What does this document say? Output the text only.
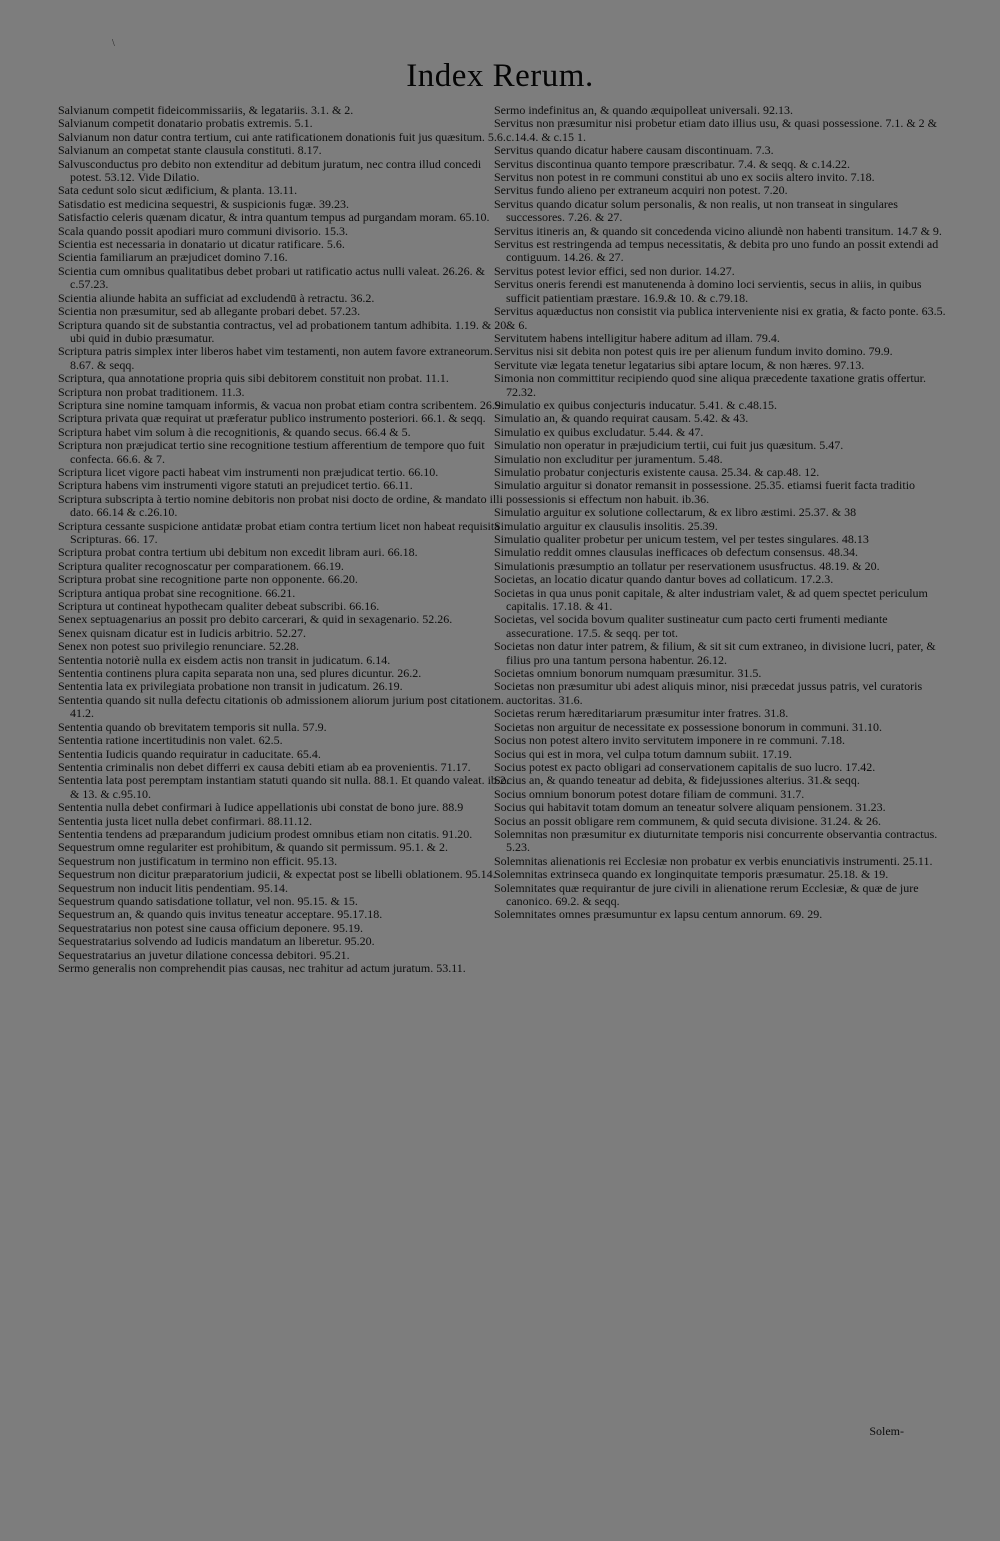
\
Index Rerum.

Salvianum competit fideicommissariis, & legatariis. 3.1. & 2.

Salvianum competit donatario probatis extremis. 5.1.

Salvianum non datur contra tertium, cui ante ratificationem donationis fuit jus quæsitum. 5.6.

Salvianum an competat stante clausula constituti. 8.17.

Salvusconductus pro debito non extenditur ad debitum juratum, nec contra illud concedi potest. 53.12. Vide Dilatio.

Sata cedunt solo sicut ædificium, & planta. 13.11.

Satisdatio est medicina sequestri, & suspicionis fugæ. 39.23.

Satisfactio celeris quænam dicatur, & intra quantum tempus ad purgandam moram. 65.10.

Scala quando possit apodiari muro communi divisorio. 15.3.

Scientia est necessaria in donatario ut dicatur ratificare. 5.6.

Scientia familiarum an præjudicet domino 7.16.

Scientia cum omnibus qualitatibus debet probari ut ratificatio actus nulli valeat. 26.26. & c.57.23.

Scientia aliunde habita an sufficiat ad excludendū à retractu. 36.2.

Scientia non præsumitur, sed ab allegante probari debet. 57.23.

Scriptura quando sit de substantia contractus, vel ad probationem tantum adhibita. 1.19. & 20. ubi quid in dubio præsumatur.

Scriptura patris simplex inter liberos habet vim testamenti, non autem favore extraneorum. 8.67. & seqq.

Scriptura, qua annotatione propria quis sibi debitorem constituit non probat. 11.1.

Scriptura non probat traditionem. 11.3.

Scriptura sine nomine tamquam informis, & vacua non probat etiam contra scribentem. 26.9.

Scriptura privata quæ requirat ut præferatur publico instrumento posteriori. 66.1. & seqq.

Scriptura habet vim solum à die recognitionis, & quando secus. 66.4 & 5.

Scriptura non præjudicat tertio sine recognitione testium afferentium de tempore quo fuit confecta. 66.6. & 7.

Scriptura licet vigore pacti habeat vim instrumenti non præjudicat tertio. 66.10.

Scriptura habens vim instrumenti vigore statuti an prejudicet tertio. 66.11.

Scriptura subscripta à tertio nomine debitoris non probat nisi docto de ordine, & mandato illi dato. 66.14 & c.26.10.

Scriptura cessante suspicione antidatæ probat etiam contra tertium licet non habeat requisita Scripturas. 66. 17.

Scriptura probat contra tertium ubi debitum non excedit libram auri. 66.18.

Scriptura qualiter recognoscatur per comparationem. 66.19.

Scriptura probat sine recognitione parte non opponente. 66.20.

Scriptura antiqua probat sine recognitione. 66.21.

Scriptura ut contineat hypothecam qualiter debeat subscribi. 66.16.

Senex septuagenarius an possit pro debito carcerari, & quid in sexagenario. 52.26.

Senex quisnam dicatur est in Iudicis arbitrio. 52.27.

Senex non potest suo privilegio renunciare. 52.28.

Sententia notoriè nulla ex eisdem actis non transit in judicatum. 6.14.

Sententia continens plura capita separata non una, sed plures dicuntur. 26.2.

Sententia lata ex privilegiata probatione non transit in judicatum. 26.19.

Sententia quando sit nulla defectu citationis ob admissionem aliorum jurium post citationem. 41.2.

Sententia quando ob brevitatem temporis sit nulla. 57.9.

Sententia ratione incertitudinis non valet. 62.5.

Sententia Iudicis quando requiratur in caducitate. 65.4.

Sententia criminalis non debet differri ex causa debiti etiam ab ea provenientis. 71.17.

Sententia lata post peremptam instantiam statuti quando sit nulla. 88.1. Et quando valeat. ib.2. & 13. & c.95.10.

Sententia nulla debet confirmari à Iudice appellationis ubi constat de bono jure. 88.9

Sententia justa licet nulla debet confirmari. 88.11.12.

Sententia tendens ad præparandum judicium prodest omnibus etiam non citatis. 91.20.

Sequestrum omne regulariter est prohibitum, & quando sit permissum. 95.1. & 2.

Sequestrum non justificatum in termino non efficit. 95.13.

Sequestrum non dicitur præparatorium judicii, & expectat post se libelli oblationem. 95.14.

Sequestrum non inducit litis pendentiam. 95.14.

Sequestrum quando satisdatione tollatur, vel non. 95.15. & 15.

Sequestrum an, & quando quis invitus teneatur acceptare. 95.17.18.

Sequestratarius non potest sine causa officium deponere. 95.19.

Sequestratarius solvendo ad Iudicis mandatum an liberetur. 95.20.

Sequestratarius an juvetur dilatione concessa debitori. 95.21.

Sermo generalis non comprehendit pias causas, nec trahitur ad actum juratum. 53.11.

Sermo indefinitus an, & quando æquipolleat universali. 92.13.

Servitus non præsumitur nisi probetur etiam dato illius usu, & quasi possessione. 7.1. & 2 & c.14.4. & c.15 1.

Servitus quando dicatur habere causam discontinuam. 7.3.

Servitus discontinua quanto tempore præscribatur. 7.4. & seqq. & c.14.22.

Servitus non potest in re communi constitui ab uno ex sociis altero invito. 7.18.

Servitus fundo alieno per extraneum acquiri non potest. 7.20.

Servitus quando dicatur solum personalis, & non realis, ut non transeat in singulares successores. 7.26. & 27.

Servitus itineris an, & quando sit concedenda vicino aliundè non habenti transitum. 14.7 & 9.

Servitus est restringenda ad tempus necessitatis, & debita pro uno fundo an possit extendi ad contiguum. 14.26. & 27.

Servitus potest levior effici, sed non durior. 14.27.

Servitus oneris ferendi est manutenenda à domino loci servientis, secus in aliis, in quibus sufficit patientiam præstare. 16.9.& 10. & c.79.18.

Servitus aquæductus non consistit via publica interveniente nisi ex gratia, & facto ponte. 63.5. & 6.

Servitutem habens intelligitur habere aditum ad illam. 79.4.

Servitus nisi sit debita non potest quis ire per alienum fundum invito domino. 79.9.

Servitute viæ legata tenetur legatarius sibi aptare locum, & non hæres. 97.13.

Simonia non committitur recipiendo quod sine aliqua præcedente taxatione gratis offertur. 72.32.

Simulatio ex quibus conjecturis inducatur. 5.41. & c.48.15.

Simulatio an, & quando requirat causam. 5.42. & 43.

Simulatio ex quibus excludatur. 5.44. & 47.

Simulatio non operatur in præjudicium tertii, cui fuit jus quæsitum. 5.47.

Simulatio non excluditur per juramentum. 5.48.

Simulatio probatur conjecturis existente causa. 25.34. & cap.48. 12.

Simulatio arguitur si donator remansit in possessione. 25.35. etiamsi fuerit facta traditio possessionis si effectum non habuit. ib.36.

Simulatio arguitur ex solutione collectarum, & ex libro æstimi. 25.37. & 38

Simulatio arguitur ex clausulis insolitis. 25.39.

Simulatio qualiter probetur per unicum testem, vel per testes singulares. 48.13

Simulatio reddit omnes clausulas inefficaces ob defectum consensus. 48.34.

Simulationis præsumptio an tollatur per reservationem ususfructus. 48.19. & 20.

Societas, an locatio dicatur quando dantur boves ad collaticum. 17.2.3.

Societas in qua unus ponit capitale, & alter industriam valet, & ad quem spectet periculum capitalis. 17.18. & 41.

Societas, vel socida bovum qualiter sustineatur cum pacto certi frumenti mediante assecuratione. 17.5. & seqq. per tot.

Societas non datur inter patrem, & filium, & sit sit cum extraneo, in divisione lucri, pater, & filius pro una tantum persona habentur. 26.12.

Societas omnium bonorum numquam præsumitur. 31.5.

Societas non præsumitur ubi adest aliquis minor, nisi præcedat jussus patris, vel curatoris auctoritas. 31.6.

Societas rerum hæreditariarum præsumitur inter fratres. 31.8.

Societas non arguitur de necessitate ex possessione bonorum in communi. 31.10.

Socius non potest altero invito servitutem imponere in re communi. 7.18.

Socius qui est in mora, vel culpa totum damnum subiit. 17.19.

Socius potest ex pacto obligari ad conservationem capitalis de suo lucro. 17.42.

Socius an, & quando teneatur ad debita, & fidejussiones alterius. 31.& seqq.

Socius omnium bonorum potest dotare filiam de communi. 31.7.

Socius qui habitavit totam domum an teneatur solvere aliquam pensionem. 31.23.

Socius an possit obligare rem communem, & quid secuta divisione. 31.24. & 26.

Solemnitas non præsumitur ex diuturnitate temporis nisi concurrente observantia contractus. 5.23.

Solemnitas alienationis rei Ecclesiæ non probatur ex verbis enunciativis instrumenti. 25.11.

Solemnitas extrinseca quando ex longinquitate temporis præsumatur. 25.18. & 19.

Solemnitates quæ requirantur de jure civili in alienatione rerum Ecclesiæ, & quæ de jure canonico. 69.2. & seqq.

Solemnitates omnes præsumuntur ex lapsu centum annorum. 69. 29.

Solem-
